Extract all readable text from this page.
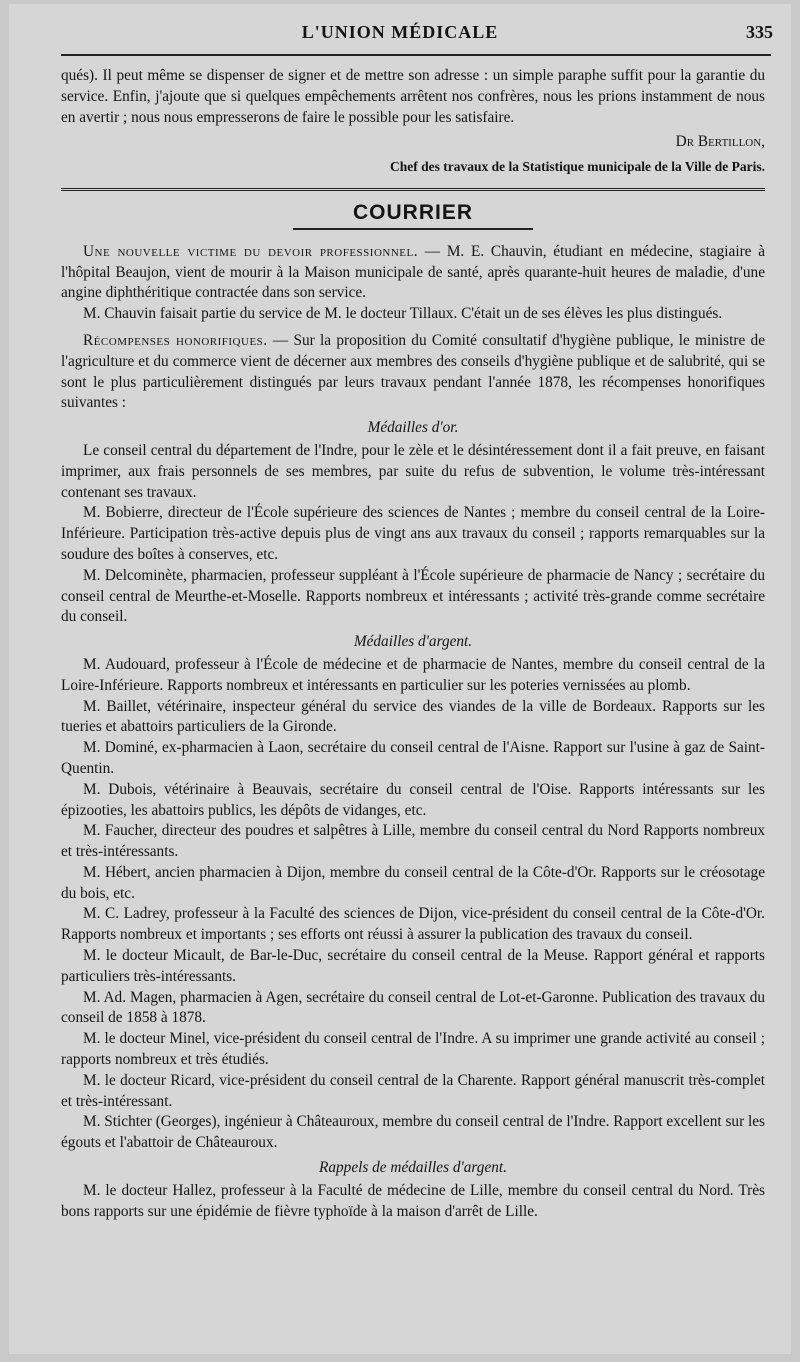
L'UNION MÉDICALE	335

qués). Il peut même se dispenser de signer et de mettre son adresse : un simple paraphe suffit pour la garantie du service. Enfin, j'ajoute que si quelques empêchements arrêtent nos confrères, nous les prions instamment de nous en avertir ; nous nous empresserons de faire le possible pour les satisfaire.

Dr Bertillon,
Chef des travaux de la Statistique municipale de la Ville de Paris.
COURRIER

Une nouvelle victime du devoir professionnel. — M. E. Chauvin, étudiant en médecine, stagiaire à l'hôpital Beaujon, vient de mourir à la Maison municipale de santé, après quarante-huit heures de maladie, d'une angine diphthéritique contractée dans son service.

M. Chauvin faisait partie du service de M. le docteur Tillaux. C'était un de ses élèves les plus distingués.

Récompenses honorifiques. — Sur la proposition du Comité consultatif d'hygiène publique, le ministre de l'agriculture et du commerce vient de décerner aux membres des conseils d'hygiène publique et de salubrité, qui se sont le plus particulièrement distingués par leurs travaux pendant l'année 1878, les récompenses honorifiques suivantes :

Médailles d'or.

Le conseil central du département de l'Indre, pour le zèle et le désintéressement dont il a fait preuve, en faisant imprimer, aux frais personnels de ses membres, par suite du refus de subvention, le volume très-intéressant contenant ses travaux.

M. Bobierre, directeur de l'École supérieure des sciences de Nantes ; membre du conseil central de la Loire-Inférieure. Participation très-active depuis plus de vingt ans aux travaux du conseil ; rapports remarquables sur la soudure des boîtes à conserves, etc.

M. Delcominète, pharmacien, professeur suppléant à l'École supérieure de pharmacie de Nancy ; secrétaire du conseil central de Meurthe-et-Moselle. Rapports nombreux et intéressants ; activité très-grande comme secrétaire du conseil.

Médailles d'argent.

M. Audouard, professeur à l'École de médecine et de pharmacie de Nantes, membre du conseil central de la Loire-Inférieure. Rapports nombreux et intéressants en particulier sur les poteries vernissées au plomb.

M. Baillet, vétérinaire, inspecteur général du service des viandes de la ville de Bordeaux. Rapports sur les tueries et abattoirs particuliers de la Gironde.

M. Dominé, ex-pharmacien à Laon, secrétaire du conseil central de l'Aisne. Rapport sur l'usine à gaz de Saint-Quentin.

M. Dubois, vétérinaire à Beauvais, secrétaire du conseil central de l'Oise. Rapports intéressants sur les épizooties, les abattoirs publics, les dépôts de vidanges, etc.

M. Faucher, directeur des poudres et salpêtres à Lille, membre du conseil central du Nord Rapports nombreux et très-intéressants.

M. Hébert, ancien pharmacien à Dijon, membre du conseil central de la Côte-d'Or. Rapports sur le créosotage du bois, etc.

M. C. Ladrey, professeur à la Faculté des sciences de Dijon, vice-président du conseil central de la Côte-d'Or. Rapports nombreux et importants ; ses efforts ont réussi à assurer la publication des travaux du conseil.

M. le docteur Micault, de Bar-le-Duc, secrétaire du conseil central de la Meuse. Rapport général et rapports particuliers très-intéressants.

M. Ad. Magen, pharmacien à Agen, secrétaire du conseil central de Lot-et-Garonne. Publication des travaux du conseil de 1858 à 1878.

M. le docteur Minel, vice-président du conseil central de l'Indre. A su imprimer une grande activité au conseil ; rapports nombreux et très étudiés.

M. le docteur Ricard, vice-président du conseil central de la Charente. Rapport général manuscrit très-complet et très-intéressant.

M. Stichter (Georges), ingénieur à Châteauroux, membre du conseil central de l'Indre. Rapport excellent sur les égouts et l'abattoir de Châteauroux.

Rappels de médailles d'argent.

M. le docteur Hallez, professeur à la Faculté de médecine de Lille, membre du conseil central du Nord. Très bons rapports sur une épidémie de fièvre typhoïde à la maison d'arrêt de Lille.
